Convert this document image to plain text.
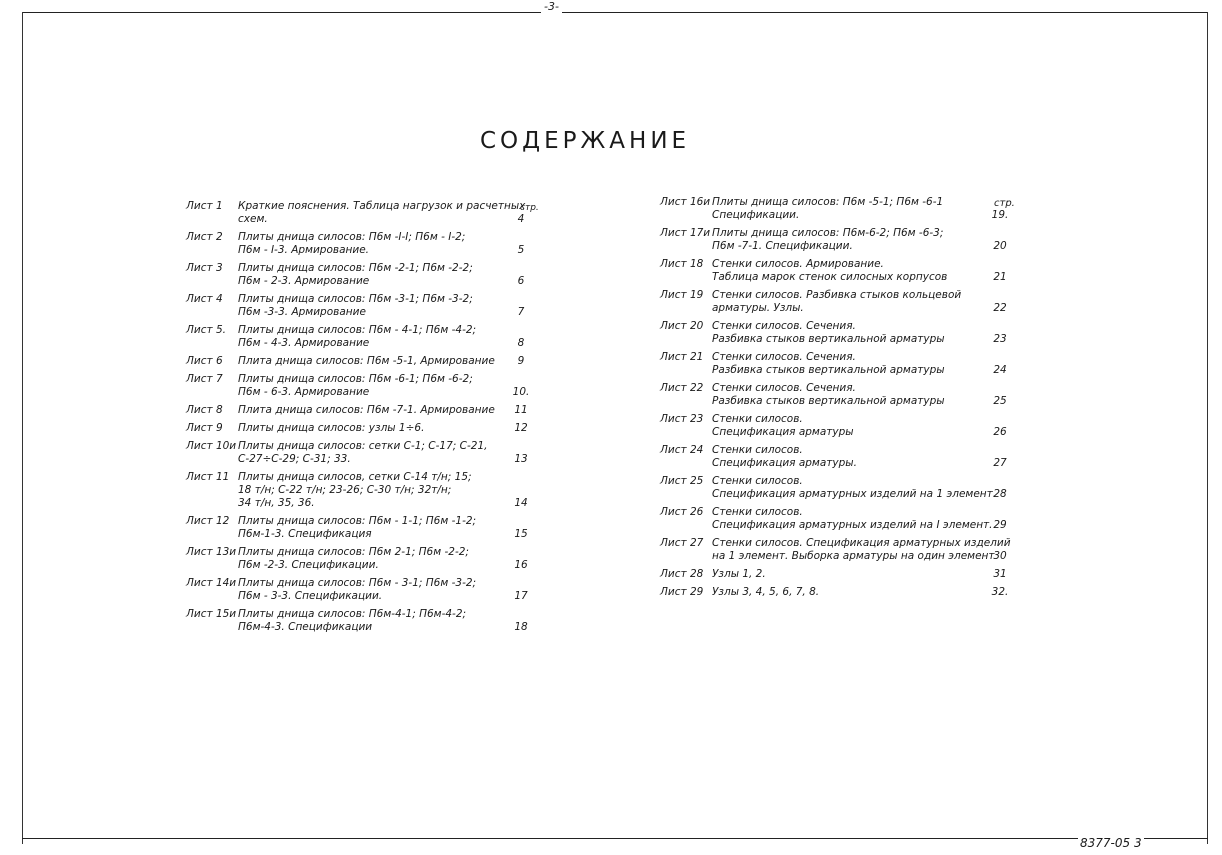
-3-
СОДЕРЖАНИЕ
стр.	стр.
Лист 1	Краткие пояснения. Таблица нагрузок и расчетных
схем.	4
Лист 2	Плиты днища силосов: П6м -I-I; П6м - I-2;
П6м - I-3. Армирование.	5
Лист 3	Плиты днища силосов: П6м -2-1; П6м -2-2;
П6м - 2-3. Армирование	6
Лист 4	Плиты днища силосов: П6м -3-1; П6м -3-2;
П6м -3-3. Армирование	7
Лист 5.	Плиты днища силосов: П6м - 4-1; П6м -4-2;
П6м - 4-3. Армирование	8
Лист 6	Плита днища силосов: П6м -5-1, Армирование	9
Лист 7	Плиты днища силосов: П6м -6-1; П6м -6-2;
П6м - 6-3. Армирование	10.
Лист 8	Плита днища силосов: П6м -7-1. Армирование	11
Лист 9	Плиты днища силосов: узлы 1÷6.	12
Лист 10и Плиты днища силосов: сетки С-1; С-17; С-21,
С-27÷С-29; С-31; 33.	13
Лист 11 Плиты днища силосов, сетки С-14 т/н; 15;
18 т/н; С-22 т/н; 23-26; С-30 т/н; 32т/н;
34 т/н, 35, 36.	14
Лист 12 Плиты днища силосов: П6м - 1-1; П6м -1-2;
П6м-1-3. Спецификация	15
Лист 13и Плиты днища силосов: П6м 2-1; П6м -2-2;
П6м -2-3. Спецификации.	16
Лист 14и Плиты днища силосов: П6м - 3-1; П6м -3-2;
П6м - 3-3. Спецификации.	17
Лист 15и Плиты днища силосов: П6м-4-1; П6м-4-2;
П6м-4-3. Спецификации	18
Лист 16и Плиты днища силосов: П6м -5-1; П6м -6-1
Спецификации.	19.
Лист 17и Плиты днища силосов: П6м-6-2; П6м -6-3;
П6м -7-1. Спецификации.	20
Лист 18 Стенки силосов. Армирование.
Таблица марок стенок силосных корпусов	21
Лист 19 Стенки силосов. Разбивка стыков кольцевой
арматуры. Узлы.	22
Лист 20 Стенки силосов. Сечения.
Разбивка стыков вертикальной арматуры	23
Лист 21 Стенки силосов. Сечения.
Разбивка стыков вертикальной арматуры	24
Лист 22 Стенки силосов. Сечения.
Разбивка стыков вертикальной арматуры	25
Лист 23 Стенки силосов.
Спецификация арматуры	26
Лист 24 Стенки силосов.
Спецификация арматуры.	27
Лист 25 Стенки силосов.
Спецификация арматурных изделий на 1 элемент.
28
Лист 26 Стенки силосов.
Спецификация арматурных изделий на I элемент. 29
Лист 27 Стенки силосов. Спецификация арматурных изделий
на 1 элемент. Выборка арматуры на один элемент
30
Лист 28 Узлы 1, 2.	31
Лист 29 Узлы 3, 4, 5, 6, 7, 8.	32.
8377-05 3
